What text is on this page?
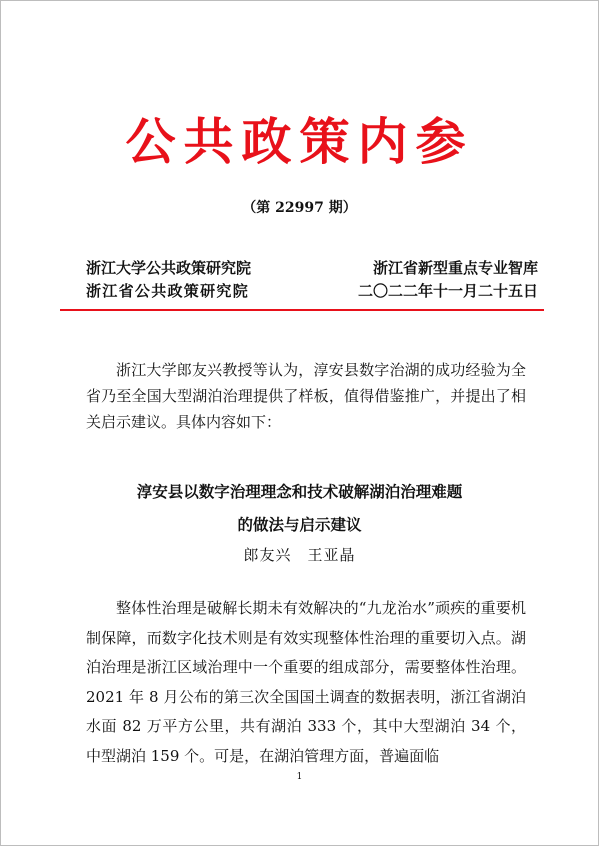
公共政策内参
（第 22997 期）
浙江大学公共政策研究院	浙江省新型重点专业智库
浙江省公共政策研究院	二〇二二年十一月二十五日
浙江大学郎友兴教授等认为，淳安县数字治湖的成功经验为全省乃至全国大型湖泊治理提供了样板，值得借鉴推广，并提出了相关启示建议。具体内容如下：
淳安县以数字治理理念和技术破解湖泊治理难题
的做法与启示建议
郎友兴　王亚晶
整体性治理是破解长期未有效解决的“九龙治水”顽疾的重要机制保障，而数字化技术则是有效实现整体性治理的重要切入点。湖泊治理是浙江区域治理中一个重要的组成部分，需要整体性治理。2021 年 8 月公布的第三次全国国土调查的数据表明，浙江省湖泊水面 82 万平方公里，共有湖泊 333 个，其中大型湖泊 34 个，中型湖泊 159 个。可是，在湖泊管理方面，普遍面临
1
